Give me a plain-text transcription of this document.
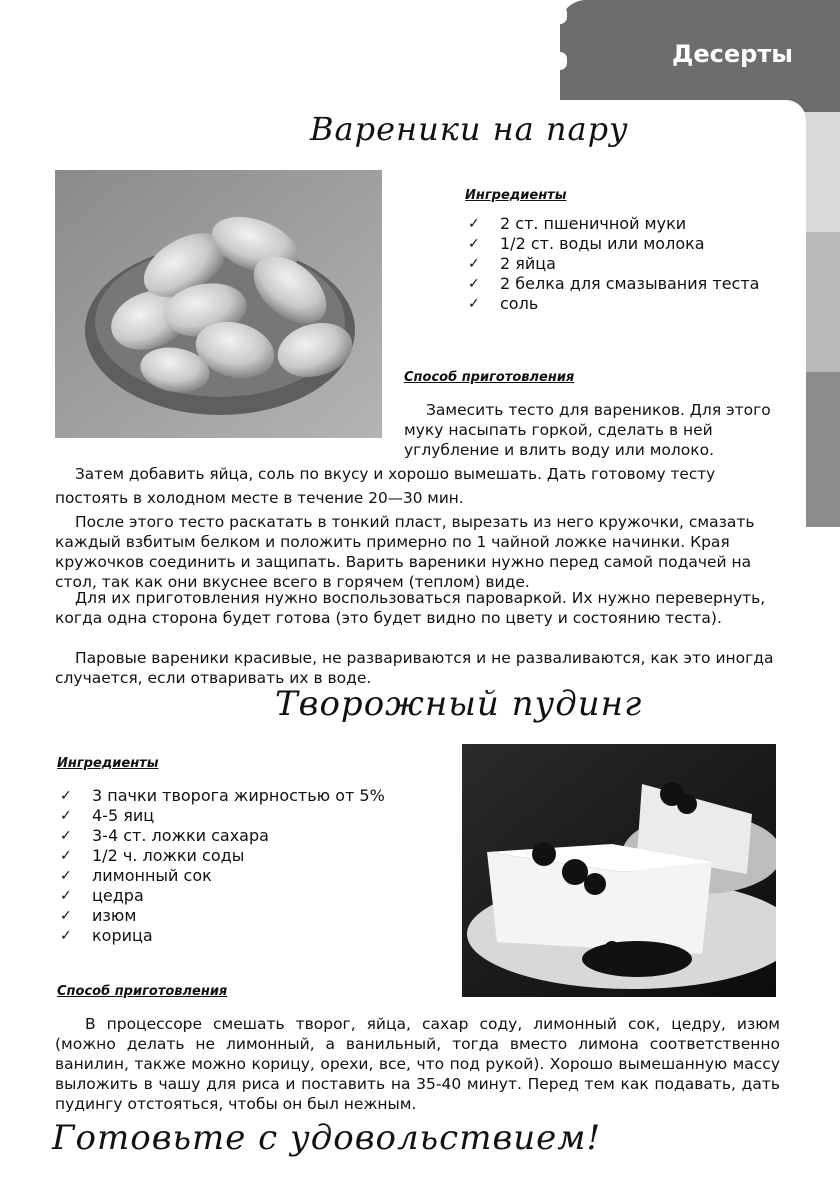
Десерты
Вареники на пару
Ингредиенты
✓ 2 ст. пшеничной муки
✓ 1/2 ст. воды или молока
✓ 2 яйца
✓ 2 белка для смазывания теста
✓ соль
Способ приготовления

Замесить тесто для вареников. Для этого

муку насыпать горкой, сделать в ней

углубление и влить воду или молоко.

Затем добавить яйца, соль по вкусу и хорошо вымешать. Дать готовому тесту постоять в холодном месте в течение 20—30 мин.

После этого тесто раскатать в тонкий пласт, вырезать из него кружочки, смазать каждый взбитым белком и положить примерно по 1 чайной ложке начинки. Края кружочков соединить и защипать. Варить вареники нужно перед самой подачей на стол, так как они вкуснее всего в горячем (теплом) виде.

Для их приготовления нужно воспользоваться пароваркой. Их нужно перевернуть, когда одна сторона будет готова (это будет видно по цвету и состоянию теста).

Паровые вареники красивые, не развариваются и не разваливаются, как это иногда случается, если отваривать их в воде.

Творожный пудинг
Ингредиенты
✓ 3 пачки творога жирностью от 5%
✓ 4-5 яиц
✓ 3-4 ст. ложки сахара
✓ 1/2 ч. ложки соды
✓ лимонный сок
✓ цедра
✓ изюм
✓ корица
Способ приготовления

В процессоре смешать творог, яйца, сахар соду, лимонный сок, цедру, изюм (можно делать не лимонный, а ванильный, тогда вместо лимона соответственно ванилин, также можно корицу, орехи, все, что под рукой). Хорошо вымешанную массу выложить в чашу для риса и поставить на 35-40 минут. Перед тем как подавать, дать пудингу отстояться, чтобы он был нежным.

Готовьте с удовольствием!
